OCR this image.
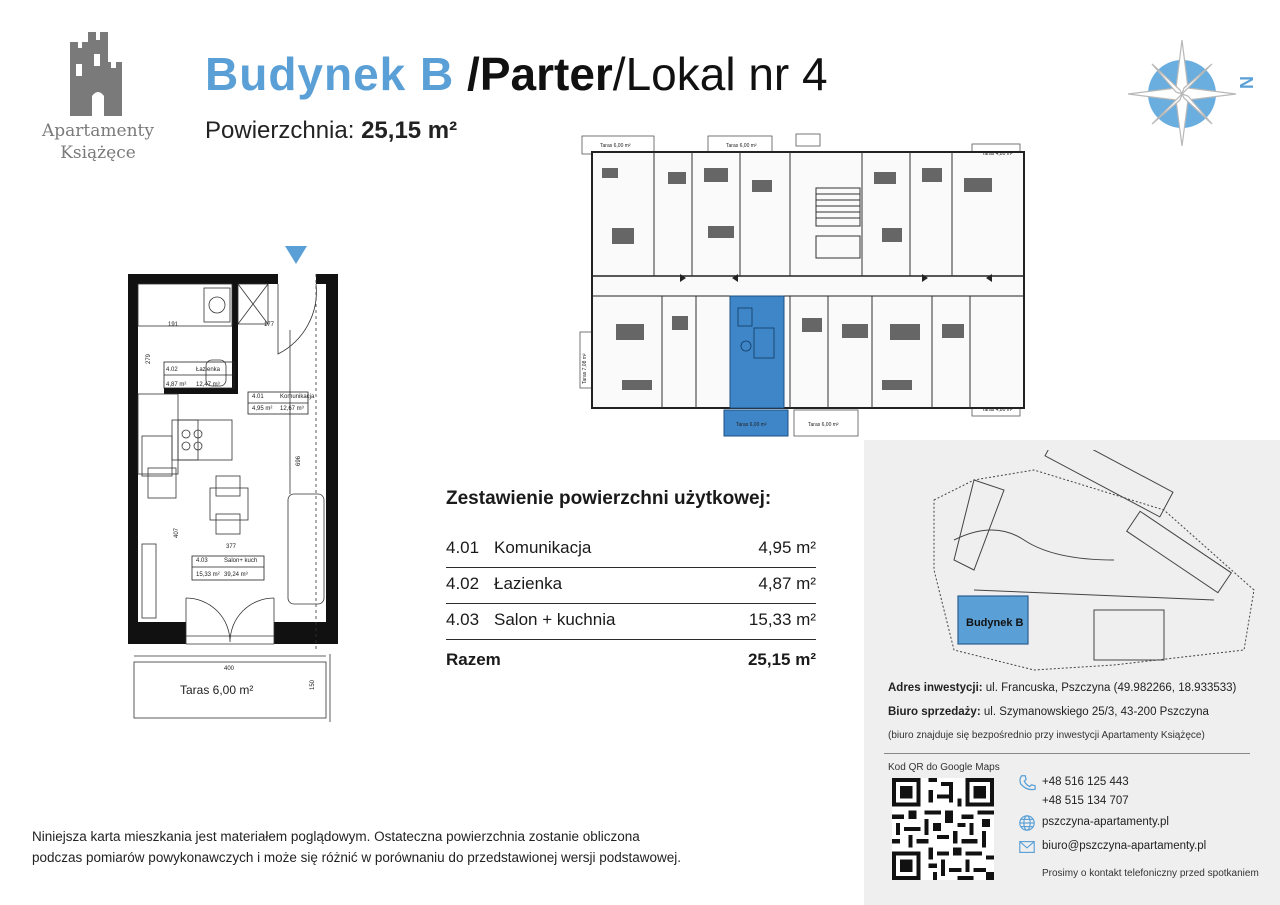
Apartamenty
Książęce
Budynek B /Parter/Lokal nr 4
Powierzchnia: 25,15 m²
N
191	177
279
696
407
377
400
150
4.02	Łazienka
4,87 m² 12,47 m³
4.01	Komunikacja
4,95 m² 12,67 m³
4.03	Salon+ kuch
15,33 m² 39,24 m³
Taras 6,00 m²
Taras 6,00 m²	Taras 6,00 m²
Taras 4,80 m²
Taras 7,08 m²
Taras 4,80 m²
Taras 6,00 m²	Taras 6,00 m²
Zestawienie powierzchni użytkowej:
4.01 Komunikacja	4,95 m²
4.02 Łazienka	4,87 m²
4.03 Salon + kuchnia	15,33 m²
Razem	25,15 m²
Niniejsza karta mieszkania jest materiałem poglądowym. Ostateczna powierzchnia zostanie obliczona
podczas pomiarów powykonawczych i może się różnić w porównaniu do przedstawionej wersji podstawowej.
Budynek B
Adres inwestycji: ul. Francuska, Pszczyna (49.982266, 18.933533)
Biuro sprzedaży: ul. Szymanowskiego 25/3, 43-200 Pszczyna
(biuro znajduje się bezpośrednio przy inwestycji Apartamenty Książęce)
Kod QR do Google Maps
+48 516 125 443
+48 515 134 707
pszczyna-apartamenty.pl
biuro@pszczyna-apartamenty.pl
Prosimy o kontakt telefoniczny przed spotkaniem
